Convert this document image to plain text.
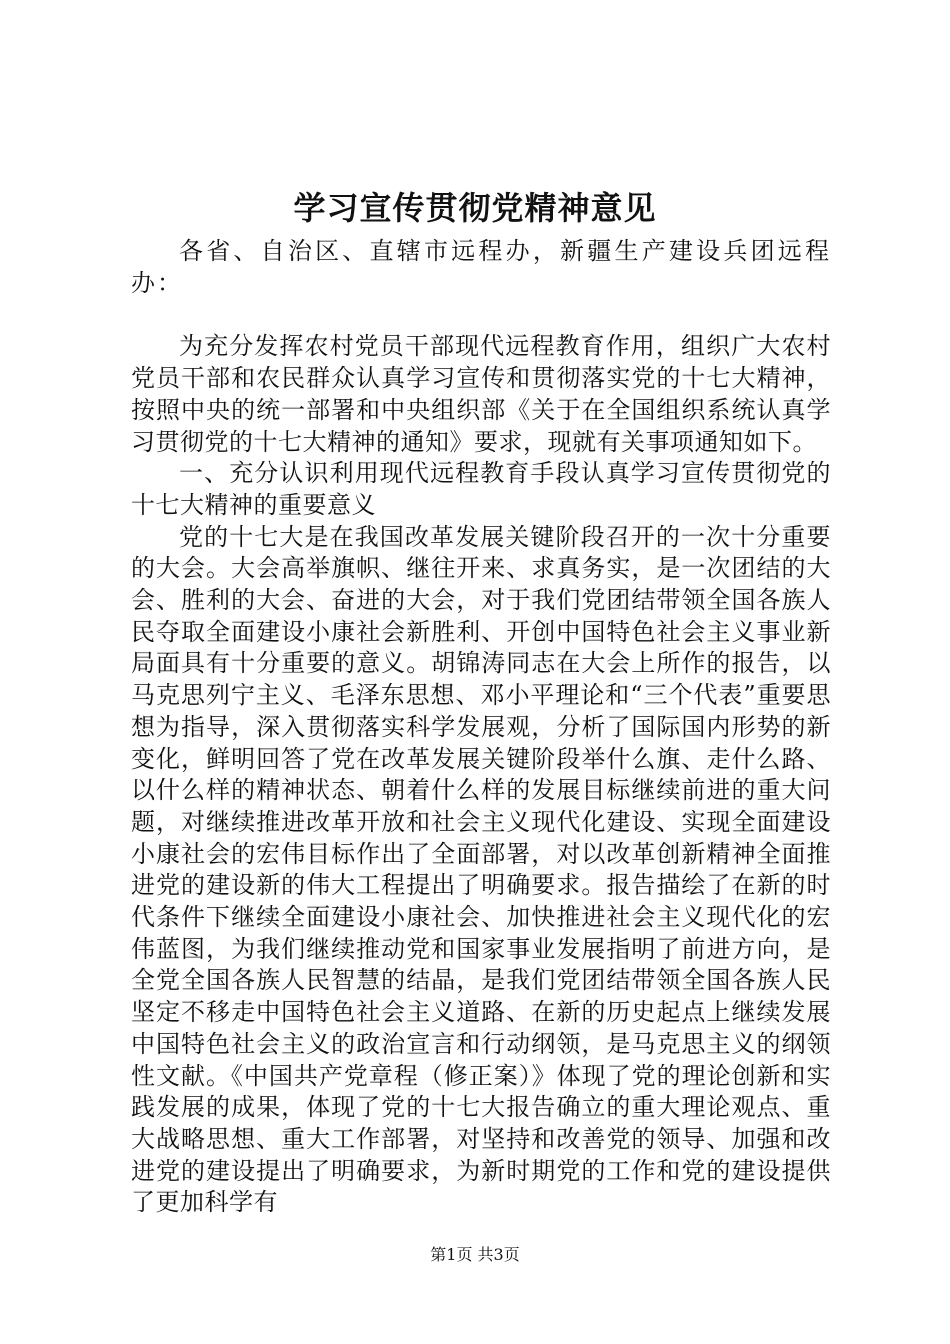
学习宣传贯彻党精神意见

各省、自治区、直辖市远程办，新疆生产建设兵团远程办：

为充分发挥农村党员干部现代远程教育作用，组织广大农村党员干部和农民群众认真学习宣传和贯彻落实党的十七大精神，按照中央的统一部署和中央组织部《关于在全国组织系统认真学习贯彻党的十七大精神的通知》要求，现就有关事项通知如下。

一、充分认识利用现代远程教育手段认真学习宣传贯彻党的十七大精神的重要意义

党的十七大是在我国改革发展关键阶段召开的一次十分重要的大会。大会高举旗帜、继往开来、求真务实，是一次团结的大会、胜利的大会、奋进的大会，对于我们党团结带领全国各族人民夺取全面建设小康社会新胜利、开创中国特色社会主义事业新局面具有十分重要的意义。胡锦涛同志在大会上所作的报告，以马克思列宁主义、毛泽东思想、邓小平理论和“三个代表”重要思想为指导，深入贯彻落实科学发展观，分析了国际国内形势的新变化，鲜明回答了党在改革发展关键阶段举什么旗、走什么路、以什么样的精神状态、朝着什么样的发展目标继续前进的重大问题，对继续推进改革开放和社会主义现代化建设、实现全面建设小康社会的宏伟目标作出了全面部署，对以改革创新精神全面推进党的建设新的伟大工程提出了明确要求。报告描绘了在新的时代条件下继续全面建设小康社会、加快推进社会主义现代化的宏伟蓝图，为我们继续推动党和国家事业发展指明了前进方向，是全党全国各族人民智慧的结晶，是我们党团结带领全国各族人民坚定不移走中国特色社会主义道路、在新的历史起点上继续发展中国特色社会主义的政治宣言和行动纲领，是马克思主义的纲领性文献。《中国共产党章程（修正案）》体现了党的理论创新和实践发展的成果，体现了党的十七大报告确立的重大理论观点、重大战略思想、重大工作部署，对坚持和改善党的领导、加强和改进党的建设提出了明确要求，为新时期党的工作和党的建设提供了更加科学有

第1页 共3页
